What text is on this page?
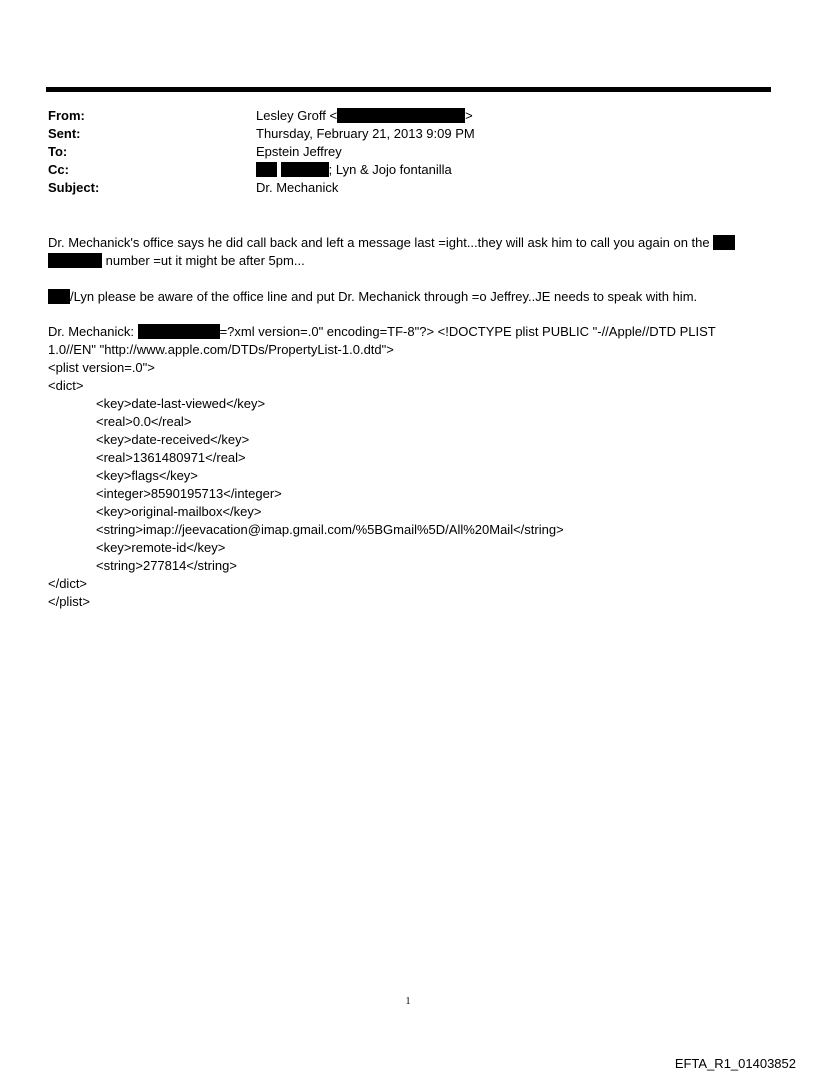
From:	Lesley Groff <	>
Sent:	Thursday, February 21, 2013 9:09 PM
To:	Epstein Jeffrey
Cc:	; Lyn & Jojo fontanilla
Subject:	Dr. Mechanick
Dr. Mechanick's office says he did call back and left a message last =ight...they will ask him to call you again on the
number =ut it might be after 5pm...
/Lyn please be aware of the office line and put Dr. Mechanick through =o Jeffrey..JE needs to speak with him.
Dr. Mechanick:	=?xml version=.0" encoding=TF-8"?> <!DOCTYPE plist PUBLIC "-//Apple//DTD PLIST
1.0//EN" "http://www.apple.com/DTDs/PropertyList-1.0.dtd">
<plist version=.0">
<dict>
<key>date-last-viewed</key>
<real>0.0</real>
<key>date-received</key>
<real>1361480971</real>
<key>flags</key>
<integer>8590195713</integer>
<key>original-mailbox</key>
<string>imap://jeevacation@imap.gmail.com/%5BGmail%5D/All%20Mail</string>
<key>remote-id</key>
<string>277814</string>
</dict>
</plist>
1
EFTA_R1_01403852
